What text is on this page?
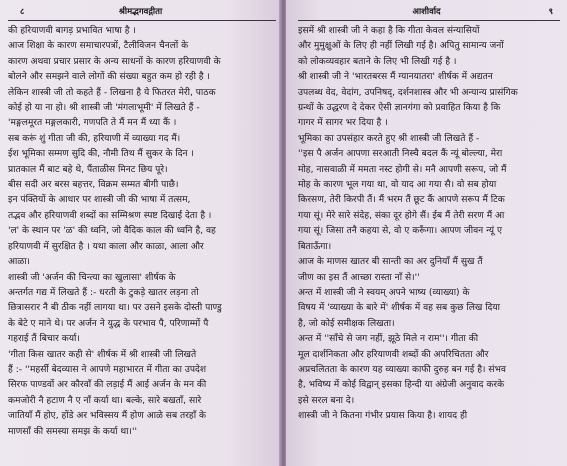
८	श्रीमद्भगवद्गीता

की हरियाणवी बागड़ प्रभावित भाषा है ।

आज शिक्षा के कारण समाचारपत्रों, टैलीविजन चैनलों के

कारण अथवा प्रचार प्रसार के अन्य साधनों के कारण हरियाणवी के

बोलने और समझने वाले लोगों की संख्या बहुत कम हो रही है ।

लेकिन शास्त्री जी तो कहते हैं - लिखना है ये फितरत मेरी, पाठक

कोई हो या ना हो। श्री शास्त्री जी 'मंगलाभूमी' में लिखते हैं -

'मङ्गलमूरत मङ्गलकारी, गणपति ते मैं मन मैं ध्या कैं ।

सब करूं शुं गीता जी की, हरियाणी में व्याख्या गद मैं।

ईश भूमिका सम्मण सुदि की, नौमी तिथ मैं सुकर के दिन ।

प्रातकाल मैं बाट बहे थे, पैंताळीस मिनट छिय पूरे।

बीस सदी अर बरस बहत्तर, विक्रम सम्मत बीगी पाछै।

इन पंक्तियों के आधार पर शास्त्री जी की भाषा में तत्सम,

तद्भव और हरियाणवी शब्दों का सम्मिश्रण स्पष्ट दिखाई देता है ।

'ल' के स्थान पर 'ळ' की ध्वनि, जो वैदिक काल की ध्वनि है, वह

हरियाणवी में सुरक्षित है । यथा काला और काळा, आला और

आळा।

शास्त्री जी 'अर्जन की चिन्त्या का खुलासा' शीर्षक के

अन्तर्गत गद्य में लिखते हैं :- धरती के टुकड़े खातर लड़ना तो

छित्रासरार नै बी ठीक नहीं लागया था। पर उसने इसके दोस्ती पाण्डु

के बेटे ए माने थे। पर अर्जन ने युद्ध के परभाव पै, परिणाम्मों पै

गहराई तैं बिचार कर्या।

'गीता किस खातर कही से' शीर्षक में श्री शास्त्री जी लिखते

हैं :- ''महर्सी बेदव्यास ने आपणे महाभारत में गीता का उपदेश

सिरफ पाण्डवों अर कौरवाँ की लड़ाई मैं आई अर्जन के मन की

कमजोरी नै हटाण नै ए नाँ कर्या था। बल्के, सारे बखताँ, सारे

जातियाँ मैं होए, होंडे अर भविस्सय मैं होण आळे सब तरहाँ के

माणसाँ की समस्या समझ के कर्या था।''

आशीर्वाद	९

इसमें श्री शास्त्री जी ने कहा है कि गीता केवल संन्यासियों

और मुमुक्षुओं के लिए ही नहीं लिखी गई है। अपितु सामान्य जनों

को लोकव्यवहार बताने के लिए भी लिखी गई है ।

श्री शास्त्री जी ने 'भारतबरस मैं ग्यानयातरा' शीर्षक में अद्यतन

उपलब्ध वेद, वेदांग, उपनिषद्, दर्शनशास्त्र और भी अन्यान्य प्रासंगिक

ग्रन्थों के उद्धरण दे देकर ऐसी ज्ञानगंगा को प्रवाहित किया है कि

गागर में सागर भर दिया है ।

भूमिका का उपसंहार करते हुए श्री शास्त्री जी लिखते हैं -

''इस पै अर्जन आपणा सरआती निस्चै बदल कैं न्यूं बोल्ल्या, मेरा

मोह, नासवाळी में ममता नस्ट होगी से। मनै आपणी सरूप, जो मैं

मोह के कारण भूल गया था, वो याद आ गया सै। वो सब होया

किरसण, तेरी किरपी तैं। मैं भरम तैं छूट कैं आपणे सरूप मैं टिक

गया सूं। मेरे सारे संदेह, संका दूर होगे सैं। ईब मैं तेरी सरण मैं आ

गया सूं। जिसा तनै कहया से, वो ए करूँगा। आपण जीवन न्यूं ए

बिताऊँगा।

आज के माणस खातर बी सान्ती का अर दुनियाँ मैं सुख तैं

जीण का इस तैं आच्छा रास्ता नाँ से।''

अन्त में शास्त्री जी ने स्वयम् अपने भाष्य (व्याख्या) के

विषय में 'व्याख्या के बारे में' शीर्षक में वह सब कुछ लिख दिया

है, जो कोई समीक्षक लिखता।

अन्त में ''साँचे से जग नहीं, झूठे मिले न राम''। गीता की

मूल दार्शनिकता और हरियाणवी शब्दों की अपरिचितता और

अप्रचलितता के कारण यह व्याख्या काफी दुरुह बन गई है। संभव

है, भविष्य में कोई विद्वान् इसका हिन्दी या अंग्रेजी अनुवाद करके

इसे सरल बना दे।

शास्त्री जी ने कितना गंभीर प्रयास किया है। शायद ही
